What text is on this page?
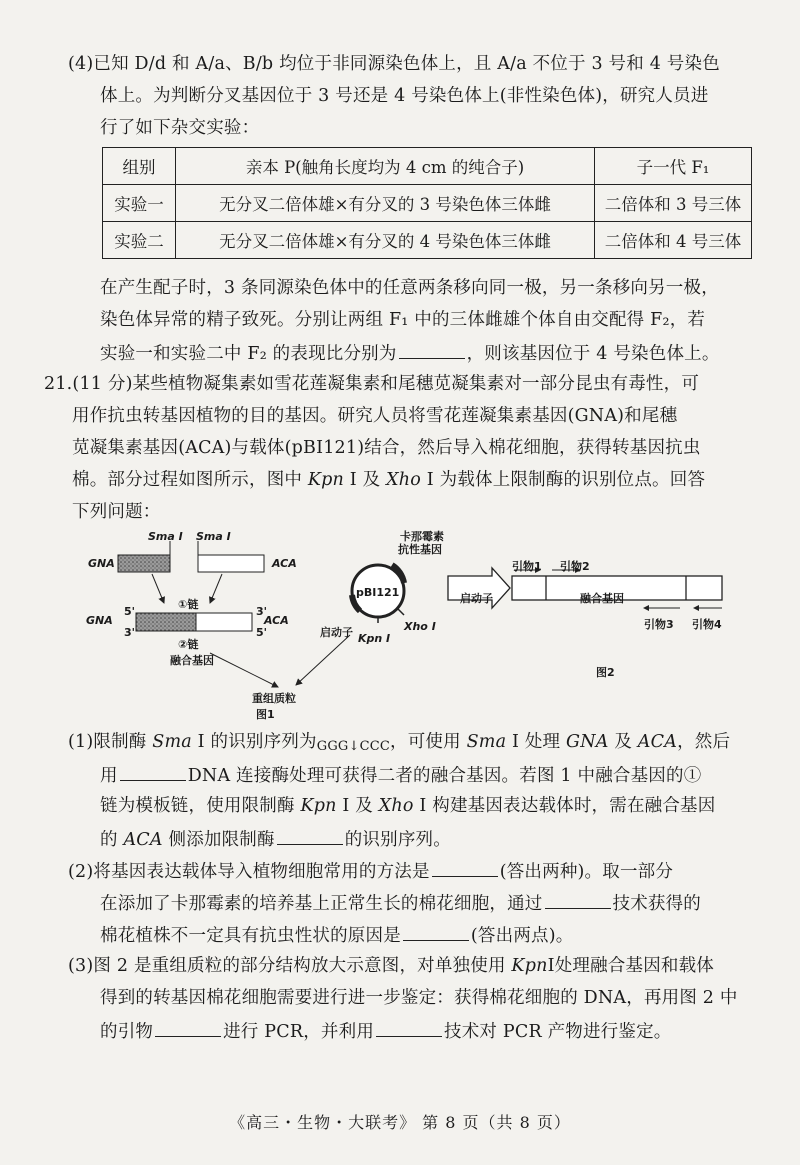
(4)已知 D/d 和 A/a、B/b 均位于非同源染色体上，且 A/a 不位于 3 号和 4 号染色
体上。为判断分叉基因位于 3 号还是 4 号染色体上(非性染色体)，研究人员进
行了如下杂交实验：
组别	亲本 P(触角长度均为 4 cm 的纯合子)	子一代 F₁
实验一	无分叉二倍体雄×有分叉的 3 号染色体三体雌	二倍体和 3 号三体
实验二	无分叉二倍体雄×有分叉的 4 号染色体三体雌	二倍体和 4 号三体
在产生配子时，3 条同源染色体中的任意两条移向同一极，另一条移向另一极，
染色体异常的精子致死。分别让两组 F₁ 中的三体雌雄个体自由交配得 F₂，若
实验一和实验二中 F₂ 的表现比分别为	，则该基因位于 4 号染色体上。
21.(11 分)某些植物凝集素如雪花莲凝集素和尾穗苋凝集素对一部分昆虫有毒性，可
用作抗虫转基因植物的目的基因。研究人员将雪花莲凝集素基因(GNA)和尾穗
苋凝集素基因(ACA)与载体(pBI121)结合，然后导入棉花细胞，获得转基因抗虫
棉。部分过程如图所示，图中 Kpn Ⅰ 及 Xho Ⅰ 为载体上限制酶的识别位点。回答
下列问题：
Sma Ⅰ Sma Ⅰ
GNA	ACA
①链
GNA
5'
3'
3'
5'
ACA
②链
融合基因
卡那霉素
抗性基因
pBI121
启动子 Kpn Ⅰ
Xho Ⅰ
重组质粒
图1
引物1 引物2
启动子	融合基因
引物3 引物4
图2
(1)限制酶 Sma Ⅰ 的识别序列为GGG↓CCC，可使用 Sma Ⅰ 处理 GNA 及 ACA，然后
用	DNA 连接酶处理可获得二者的融合基因。若图 1 中融合基因的①
链为模板链，使用限制酶 Kpn Ⅰ 及 Xho Ⅰ 构建基因表达载体时，需在融合基因
的 ACA 侧添加限制酶	的识别序列。
(2)将基因表达载体导入植物细胞常用的方法是	(答出两种)。取一部分
在添加了卡那霉素的培养基上正常生长的棉花细胞，通过	技术获得的
棉花植株不一定具有抗虫性状的原因是	(答出两点)。
(3)图 2 是重组质粒的部分结构放大示意图，对单独使用 KpnⅠ处理融合基因和载体
得到的转基因棉花细胞需要进行进一步鉴定：获得棉花细胞的 DNA，再用图 2 中
的引物	进行 PCR，并利用	技术对 PCR 产物进行鉴定。
《高三・生物・大联考》 第 8 页（共 8 页）
